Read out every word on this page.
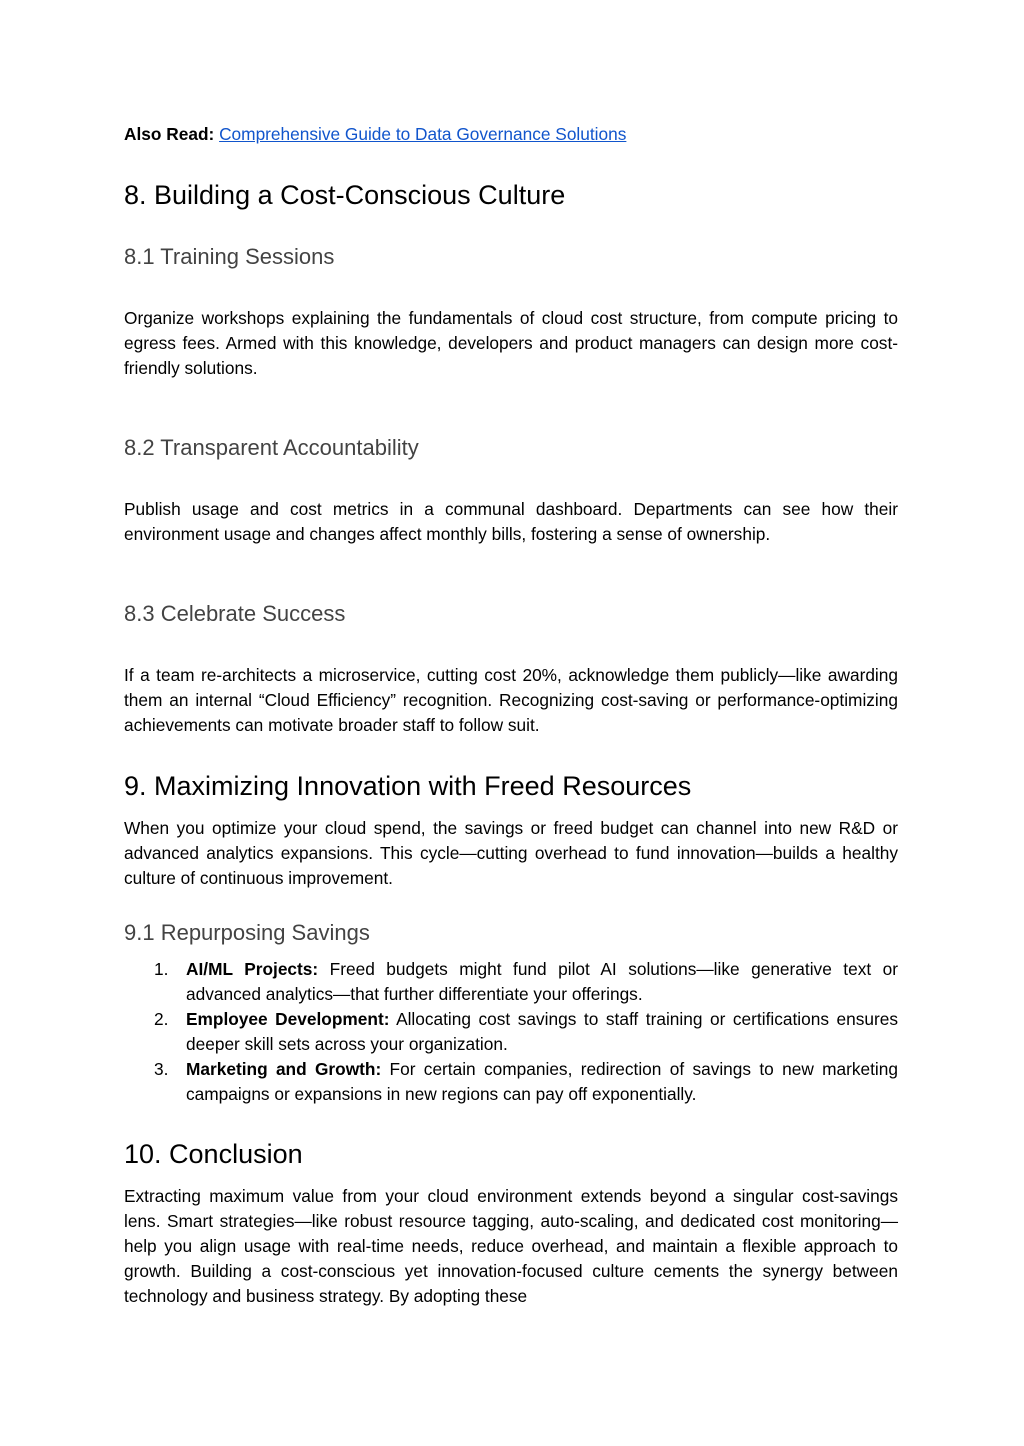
Also Read: Comprehensive Guide to Data Governance Solutions

8. Building a Cost-Conscious Culture
8.1 Training Sessions

Organize workshops explaining the fundamentals of cloud cost structure, from compute pricing to egress fees. Armed with this knowledge, developers and product managers can design more cost-friendly solutions.

8.2 Transparent Accountability

Publish usage and cost metrics in a communal dashboard. Departments can see how their environment usage and changes affect monthly bills, fostering a sense of ownership.

8.3 Celebrate Success

If a team re-architects a microservice, cutting cost 20%, acknowledge them publicly—like awarding them an internal “Cloud Efficiency” recognition. Recognizing cost-saving or performance-optimizing achievements can motivate broader staff to follow suit.

9. Maximizing Innovation with Freed Resources

When you optimize your cloud spend, the savings or freed budget can channel into new R&D or advanced analytics expansions. This cycle—cutting overhead to fund innovation—builds a healthy culture of continuous improvement.

9.1 Repurposing Savings
1. AI/ML Projects: Freed budgets might fund pilot AI solutions—like generative text or advanced analytics—that further differentiate your offerings.
2. Employee Development: Allocating cost savings to staff training or certifications ensures deeper skill sets across your organization.
3. Marketing and Growth: For certain companies, redirection of savings to new marketing campaigns or expansions in new regions can pay off exponentially.
10. Conclusion

Extracting maximum value from your cloud environment extends beyond a singular cost-savings lens. Smart strategies—like robust resource tagging, auto-scaling, and dedicated cost monitoring—help you align usage with real-time needs, reduce overhead, and maintain a flexible approach to growth. Building a cost-conscious yet innovation-focused culture cements the synergy between technology and business strategy. By adopting these
